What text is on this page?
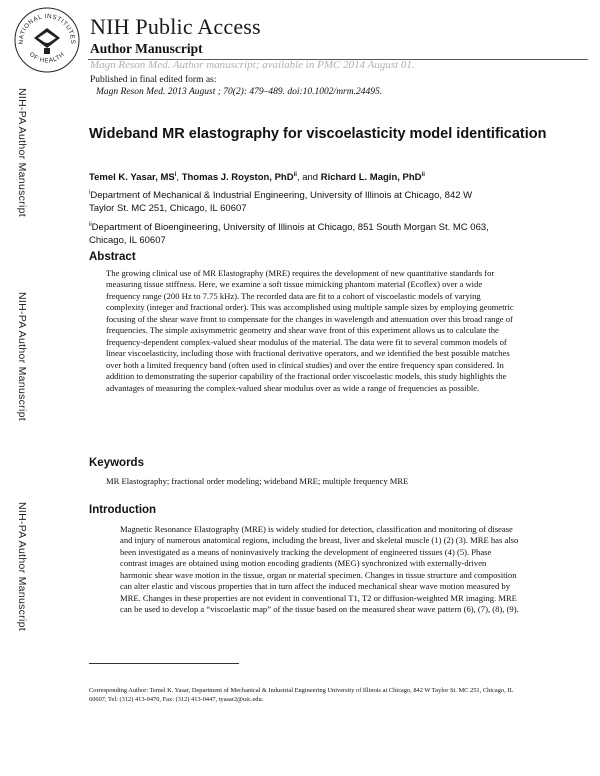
NATIONAL INSTITUTES
OF HEALTH
NIH Public Access
Author Manuscript
Magn Reson Med. Author manuscript; available in PMC 2014 August 01.
Published in final edited form as:
Magn Reson Med. 2013 August ; 70(2): 479–489. doi:10.1002/mrm.24495.
NIH-PA Author Manuscript
NIH-PA Author Manuscript
NIH-PA Author Manuscript
Wideband MR elastography for viscoelasticity model identification
Temel K. Yasar, $MS^i$, Thomas J. Royston, PhD$^{ii}$, and Richard L. Magin, PhD$^{ii}$
$^i$Department of Mechanical & Industrial Engineering, University of Illinois at Chicago, 842 W Taylor St. MC 251, Chicago, IL 60607
$^{ii}$Department of Bioengineering, University of Illinois at Chicago, 851 South Morgan St. MC 063, Chicago, IL 60607
Abstract
The growing clinical use of MR Elastography (MRE) requires the development of new quantitative standards for measuring tissue stiffness. Here, we examine a soft tissue mimicking phantom material (Ecoflex) over a wide frequency range (200 Hz to 7.75 kHz). The recorded data are fit to a cohort of viscoelastic models of varying complexity (integer and fractional order). This was accomplished using multiple sample sizes by employing geometric focusing of the shear wave front to compensate for the changes in wavelength and attenuation over this broad range of frequencies. The simple axisymmetric geometry and shear wave front of this experiment allows us to calculate the frequency-dependent complex-valued shear modulus of the material. The data were fit to several common models of linear viscoelasticity, including those with fractional derivative operators, and we identified the best possible matches over both a limited frequency band (often used in clinical studies) and over the entire frequency span considered. In addition to demonstrating the superior capability of the fractional order viscoelastic models, this study highlights the advantages of measuring the complex-valued shear modulus over as wide a range of frequencies as possible.
Keywords
MR Elastography; fractional order modeling; wideband MRE; multiple frequency MRE
Introduction
Magnetic Resonance Elastography (MRE) is widely studied for detection, classification and monitoring of disease and injury of numerous anatomical regions, including the breast, liver and skeletal muscle (1) (2) (3). MRE has also been investigated as a means of noninvasively tracking the development of engineered tissues (4) (5). Phase contrast images are obtained using motion encoding gradients (MEG) synchronized with externally-driven harmonic shear wave motion in the tissue, organ or material specimen. Changes in tissue structure and composition can alter elastic and viscous properties that in turn affect the induced mechanical shear wave motion measured by MRE. Changes in these properties are not evident in conventional T1, T2 or diffusion-weighted MR imaging. MRE can be used to develop a “viscoelastic map” of the tissue based on the measured shear wave pattern (6), (7), (8), (9).
Corresponding Author: Temel K. Yasar, Department of Mechanical & Industrial Engineering University of Illinois at Chicago, 842 W Taylor St. MC 251, Chicago, IL 60607, Tel: (312) 413-0470, Fax: (312) 413-0447, tyasar2@uic.edu.
